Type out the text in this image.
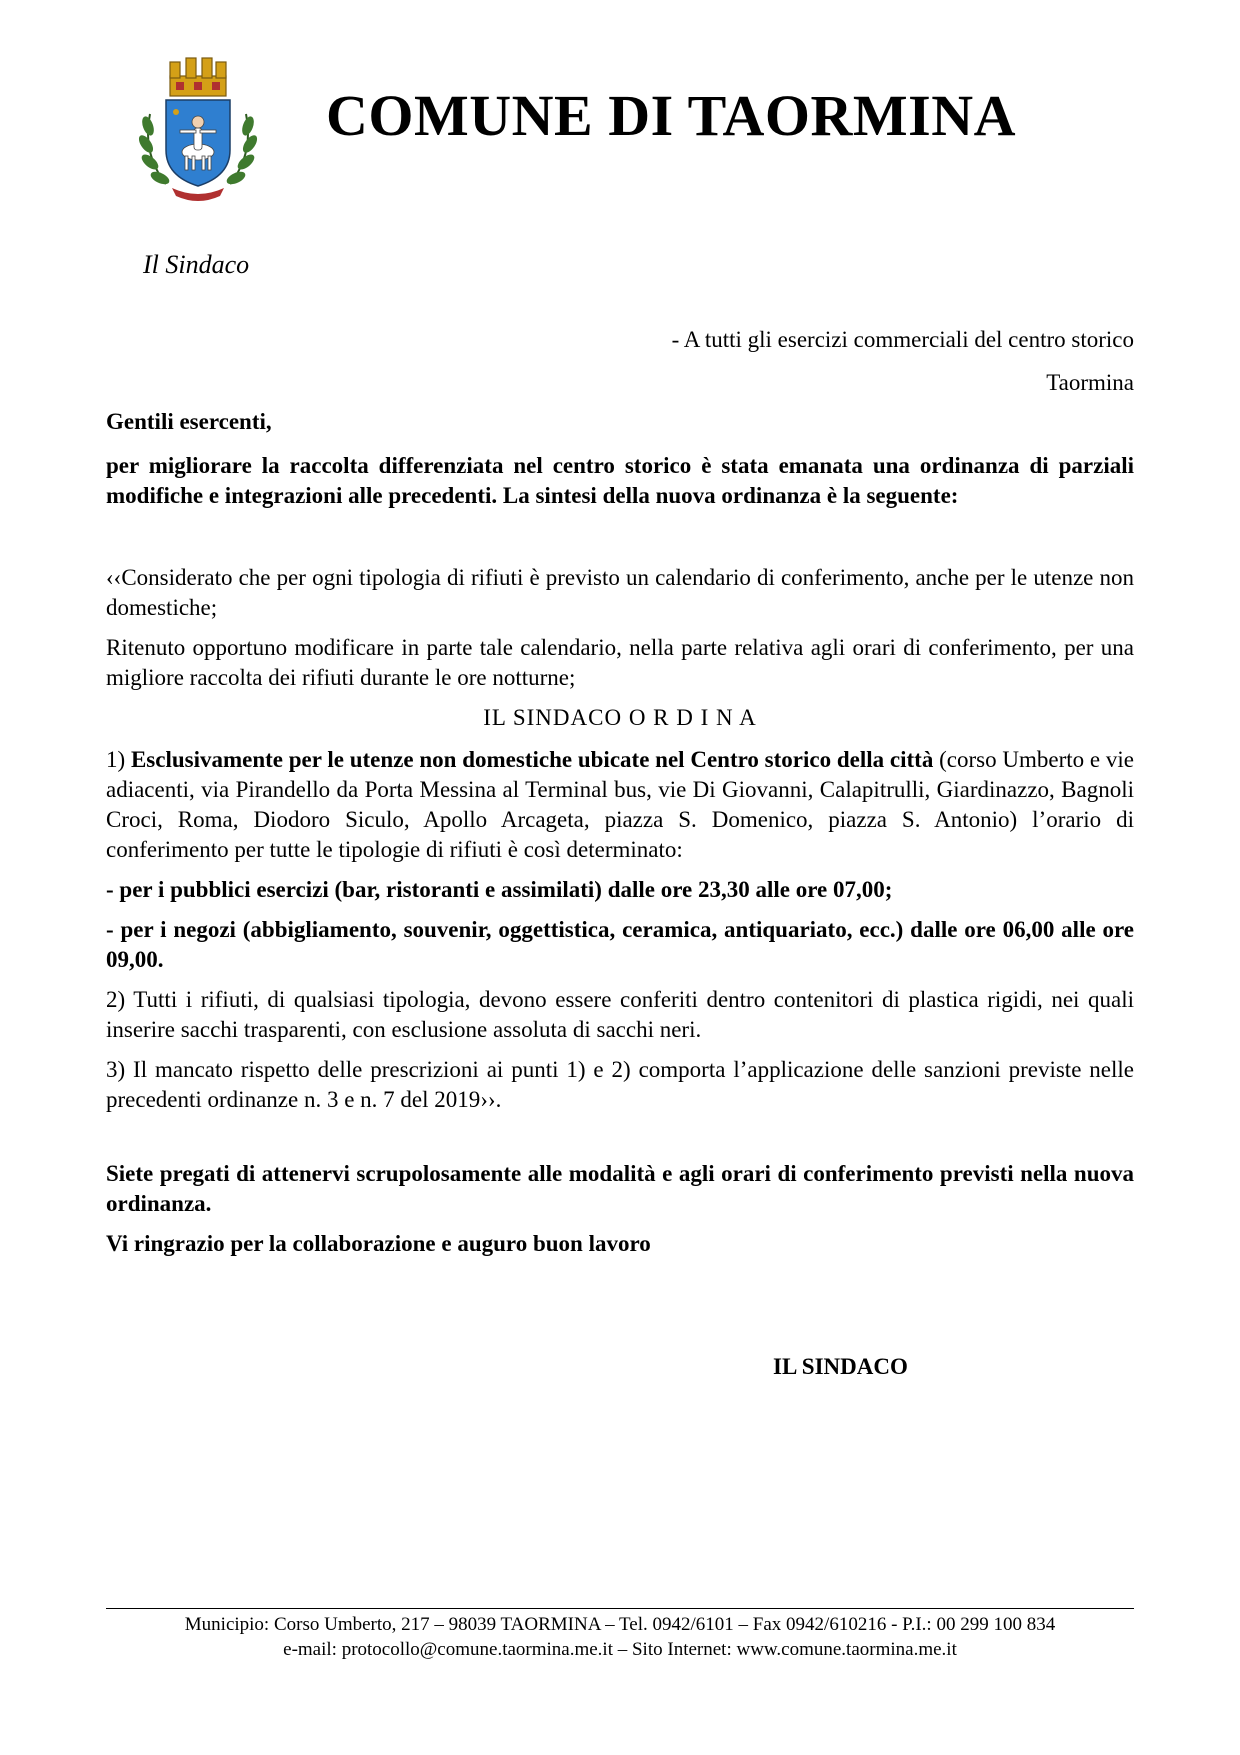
COMUNE DI TAORMINA
Il Sindaco
- A tutti gli esercizi commerciali del centro storico
Taormina

Gentili esercenti,

per migliorare la raccolta differenziata nel centro storico è stata emanata una ordinanza di parziali modifiche e integrazioni alle precedenti. La sintesi della nuova ordinanza è la seguente:

‹‹Considerato che per ogni tipologia di rifiuti è previsto un calendario di conferimento, anche per le utenze non domestiche;

Ritenuto opportuno modificare in parte tale calendario, nella parte relativa agli orari di conferimento, per una migliore raccolta dei rifiuti durante le ore notturne;

IL SINDACO O R D I N A

1) Esclusivamente per le utenze non domestiche ubicate nel Centro storico della città (corso Umberto e vie adiacenti, via Pirandello da Porta Messina al Terminal bus, vie Di Giovanni, Calapitrulli, Giardinazzo, Bagnoli Croci, Roma, Diodoro Siculo, Apollo Arcageta, piazza S. Domenico, piazza S. Antonio) l’orario di conferimento per tutte le tipologie di rifiuti è così determinato:

- per i pubblici esercizi (bar, ristoranti e assimilati) dalle ore 23,30 alle ore 07,00;

- per i negozi (abbigliamento, souvenir, oggettistica, ceramica, antiquariato, ecc.) dalle ore 06,00 alle ore 09,00.

2) Tutti i rifiuti, di qualsiasi tipologia, devono essere conferiti dentro contenitori di plastica rigidi, nei quali inserire sacchi trasparenti, con esclusione assoluta di sacchi neri.

3) Il mancato rispetto delle prescrizioni ai punti 1) e 2) comporta l’applicazione delle sanzioni previste nelle precedenti ordinanze n. 3 e n. 7 del 2019››.

Siete pregati di attenervi scrupolosamente alle modalità e agli orari di conferimento previsti nella nuova ordinanza.

Vi ringrazio per la collaborazione e auguro buon lavoro

IL SINDACO
Municipio: Corso Umberto, 217 – 98039 TAORMINA – Tel. 0942/6101 – Fax 0942/610216 - P.I.: 00 299 100 834
e-mail: protocollo@comune.taormina.me.it – Sito Internet: www.comune.taormina.me.it
